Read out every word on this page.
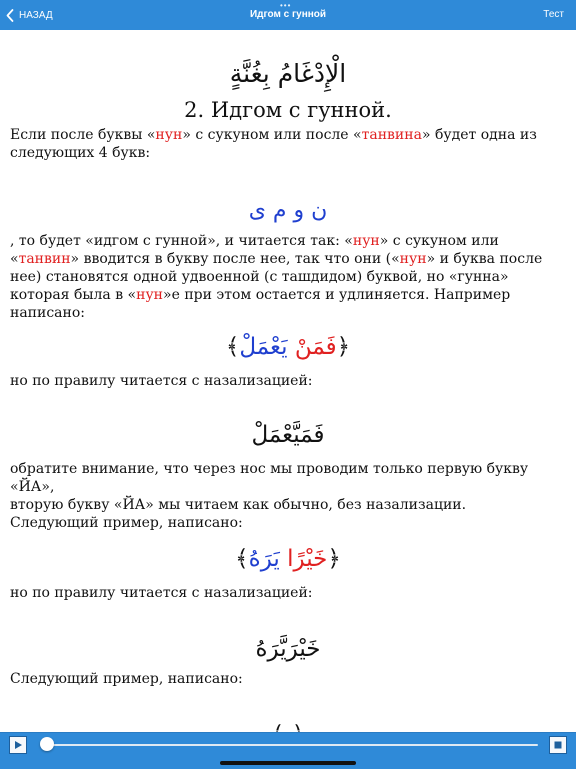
•••
НАЗАД	Идгом с гунной	Тест
الْإِدْغَامُ بِغُنَّةٍ
2. Идгом с гунной.
Если после буквы «нун» с сукуном или после «танвина» будет одна из следующих 4 букв:
ن و م ى
, то будет «идгом с гунной», и читается так: «нун» с сукуном или «танвин» вводится в букву после нее, так что они («нун» и буква после нее) становятся одной удвоенной (с ташдидом) буквой, но «гунна» которая была в «нун»е при этом остается и удлиняется. Например написано:
﴿فَمَنْ يَعْمَلْ﴾
но по правилу читается с назализацией:
فَمَيَّعْمَلْ
обратите внимание, что через нос мы проводим только первую букву «ЙА»,
вторую букву «ЙА» мы читаем как обычно, без назализации.
Следующий пример, написано:
﴿خَيْرًا يَرَهُ﴾
но по правилу читается с назализацией:
خَيْرَيَّرَهُ
Следующий пример, написано:
